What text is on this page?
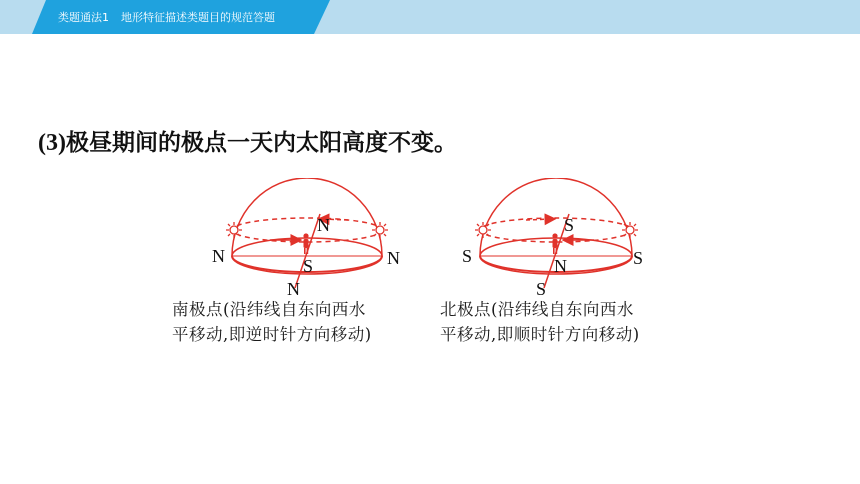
类题通法1 地形特征描述类题目的规范答题
(3)极昼期间的极点一天内太阳高度不变。
N
N	N
S
N
S
S	S
N
S
南极点(沿纬线自东向西水
平移动,即逆时针方向移动)
北极点(沿纬线自东向西水
平移动,即顺时针方向移动)
